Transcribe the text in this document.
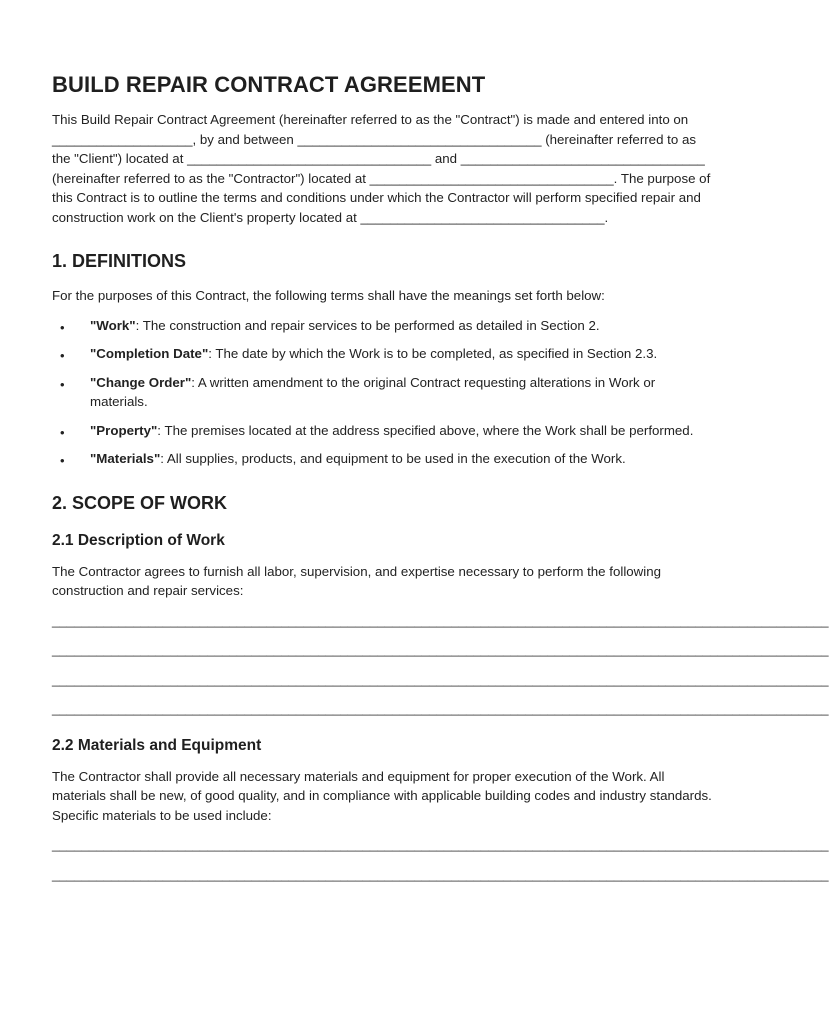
BUILD REPAIR CONTRACT AGREEMENT

This Build Repair Contract Agreement (hereinafter referred to as the "Contract") is made and entered into on ___________________, by and between _________________________________ (hereinafter referred to as the "Client") located at _________________________________ and _________________________________ (hereinafter referred to as the "Contractor") located at _________________________________. The purpose of this Contract is to outline the terms and conditions under which the Contractor will perform specified repair and construction work on the Client's property located at _________________________________.

1. DEFINITIONS

For the purposes of this Contract, the following terms shall have the meanings set forth below:

• "Work": The construction and repair services to be performed as detailed in Section 2.
• "Completion Date": The date by which the Work is to be completed, as specified in Section 2.3.
• "Change Order": A written amendment to the original Contract requesting alterations in Work or materials.
• "Property": The premises located at the address specified above, where the Work shall be performed.
• "Materials": All supplies, products, and equipment to be used in the execution of the Work.
2. SCOPE OF WORK
2.1 Description of Work

The Contractor agrees to furnish all labor, supervision, and expertise necessary to perform the following construction and repair services:

_________________________________________________________________________________________________________
_________________________________________________________________________________________________________
_________________________________________________________________________________________________________
_________________________________________________________________________________________________________
2.2 Materials and Equipment

The Contractor shall provide all necessary materials and equipment for proper execution of the Work. All materials shall be new, of good quality, and in compliance with applicable building codes and industry standards. Specific materials to be used include:

_________________________________________________________________________________________________________
_________________________________________________________________________________________________________
